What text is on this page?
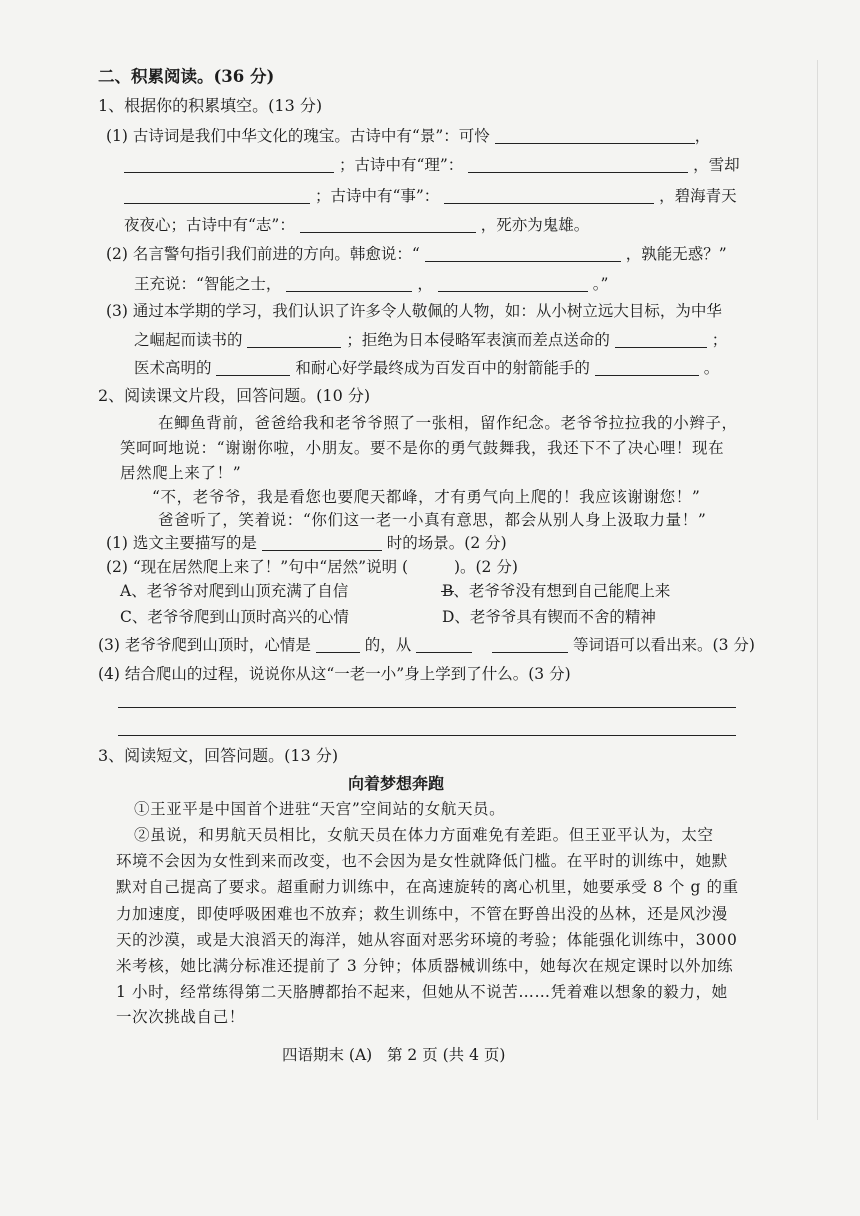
二、积累阅读。(36 分)
1、根据你的积累填空。(13 分)
(1) 古诗词是我们中华文化的瑰宝。古诗中有“景”：可怜	，
；古诗中有“理”：	，雪却
；古诗中有“事”：	，碧海青天
夜夜心；古诗中有“志”：	，死亦为鬼雄。
(2) 名言警句指引我们前进的方向。韩愈说：“	，孰能无惑？”
王充说：“智能之士，	，	。”
(3) 通过本学期的学习，我们认识了许多令人敬佩的人物，如：从小树立远大目标，为中华
之崛起而读书的	；拒绝为日本侵略军表演而差点送命的	；
医术高明的	和耐心好学最终成为百发百中的射箭能手的	。
2、阅读课文片段，回答问题。(10 分)
在鲫鱼背前，爸爸给我和老爷爷照了一张相，留作纪念。老爷爷拉拉我的小辫子，
笑呵呵地说：“谢谢你啦，小朋友。要不是你的勇气鼓舞我，我还下不了决心哩！现在
居然爬上来了！”
“不，老爷爷，我是看您也要爬天都峰，才有勇气向上爬的！我应该谢谢您！”
爸爸听了，笑着说：“你们这一老一小真有意思，都会从别人身上汲取力量！”
(1) 选文主要描写的是	时的场景。(2 分)
(2) “现在居然爬上来了！”句中“居然”说明 (	)。(2 分)
A、老爷爷对爬到山顶充满了自信	B、老爷爷没有想到自己能爬上来
C、老爷爷爬到山顶时高兴的心情	D、老爷爷具有锲而不舍的精神
(3) 老爷爷爬到山顶时，心情是	的，从	等词语可以看出来。(3 分)
(4) 结合爬山的过程，说说你从这“一老一小”身上学到了什么。(3 分)
3、阅读短文，回答问题。(13 分)
向着梦想奔跑
①王亚平是中国首个进驻“天宫”空间站的女航天员。
②虽说，和男航天员相比，女航天员在体力方面难免有差距。但王亚平认为，太空
环境不会因为女性到来而改变，也不会因为是女性就降低门槛。在平时的训练中，她默
默对自己提高了要求。超重耐力训练中，在高速旋转的离心机里，她要承受 8 个 g 的重
力加速度，即使呼吸困难也不放弃；救生训练中，不管在野兽出没的丛林，还是风沙漫
天的沙漠，或是大浪滔天的海洋，她从容面对恶劣环境的考验；体能强化训练中，3000
米考核，她比满分标准还提前了 3 分钟；体质器械训练中，她每次在规定课时以外加练
1 小时，经常练得第二天胳膊都抬不起来，但她从不说苦……凭着难以想象的毅力，她
一次次挑战自己！
四语期末 (A)   第 2 页 (共 4 页)
